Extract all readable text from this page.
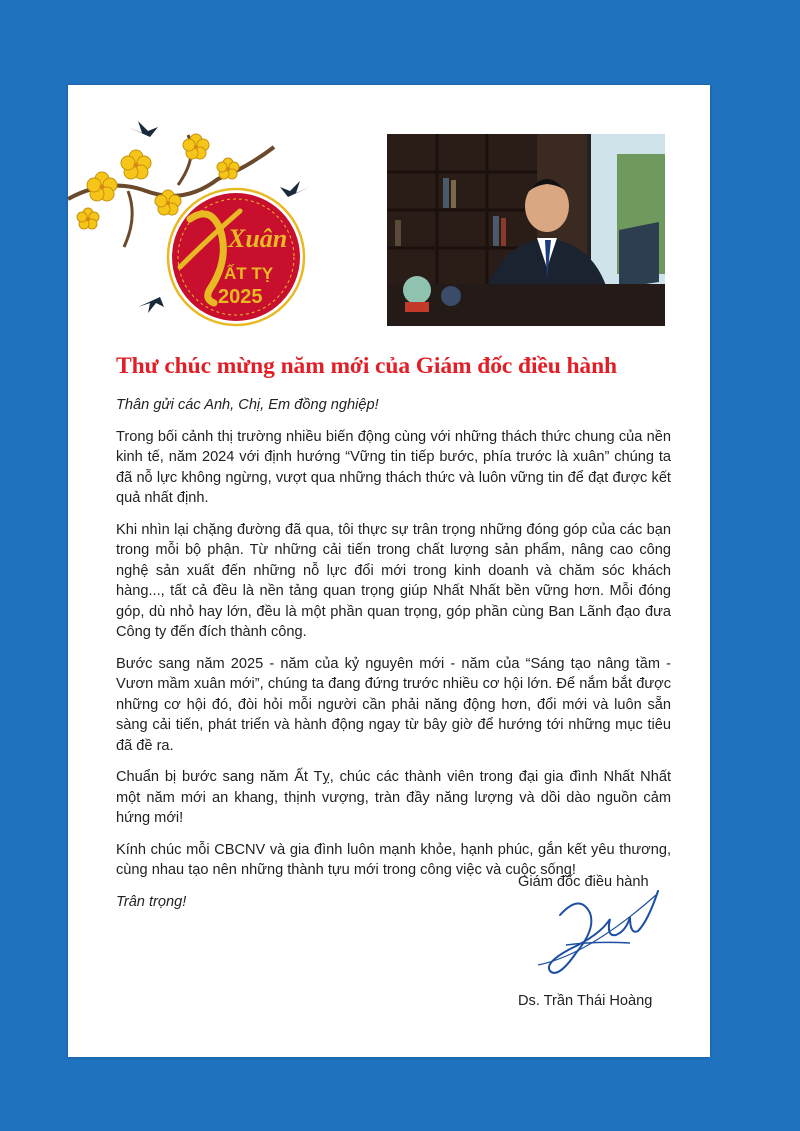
Xuân
ẤT TỴ
2025
Thư chúc mừng năm mới của Giám đốc điều hành

Thân gửi các Anh, Chị, Em đồng nghiệp!

Trong bối cảnh thị trường nhiều biến động cùng với những thách thức chung của nền kinh tế, năm 2024 với định hướng “Vững tin tiếp bước, phía trước là xuân” chúng ta đã nỗ lực không ngừng, vượt qua những thách thức và luôn vững tin để đạt được kết quả nhất định.

Khi nhìn lại chặng đường đã qua, tôi thực sự trân trọng những đóng góp của các bạn trong mỗi bộ phận. Từ những cải tiến trong chất lượng sản phẩm, nâng cao công nghệ sản xuất đến những nỗ lực đổi mới trong kinh doanh và chăm sóc khách hàng..., tất cả đều là nền tảng quan trọng giúp Nhất Nhất bền vững hơn. Mỗi đóng góp, dù nhỏ hay lớn, đều là một phần quan trọng, góp phần cùng Ban Lãnh đạo đưa Công ty đến đích thành công.

Bước sang năm 2025 - năm của kỷ nguyên mới - năm của “Sáng tạo nâng tầm - Vươn mầm xuân mới”, chúng ta đang đứng trước nhiều cơ hội lớn. Để nắm bắt được những cơ hội đó, đòi hỏi mỗi người cần phải năng động hơn, đổi mới và luôn sẵn sàng cải tiến, phát triển và hành động ngay từ bây giờ để hướng tới những mục tiêu đã đề ra.

Chuẩn bị bước sang năm Ất Tỵ, chúc các thành viên trong đại gia đình Nhất Nhất một năm mới an khang, thịnh vượng, tràn đầy năng lượng và dồi dào nguồn cảm hứng mới!

Kính chúc mỗi CBCNV và gia đình luôn mạnh khỏe, hạnh phúc, gắn kết yêu thương, cùng nhau tạo nên những thành tựu mới trong công việc và cuộc sống!

Trân trọng!

Giám đốc điều hành
Ds. Trần Thái Hoàng
